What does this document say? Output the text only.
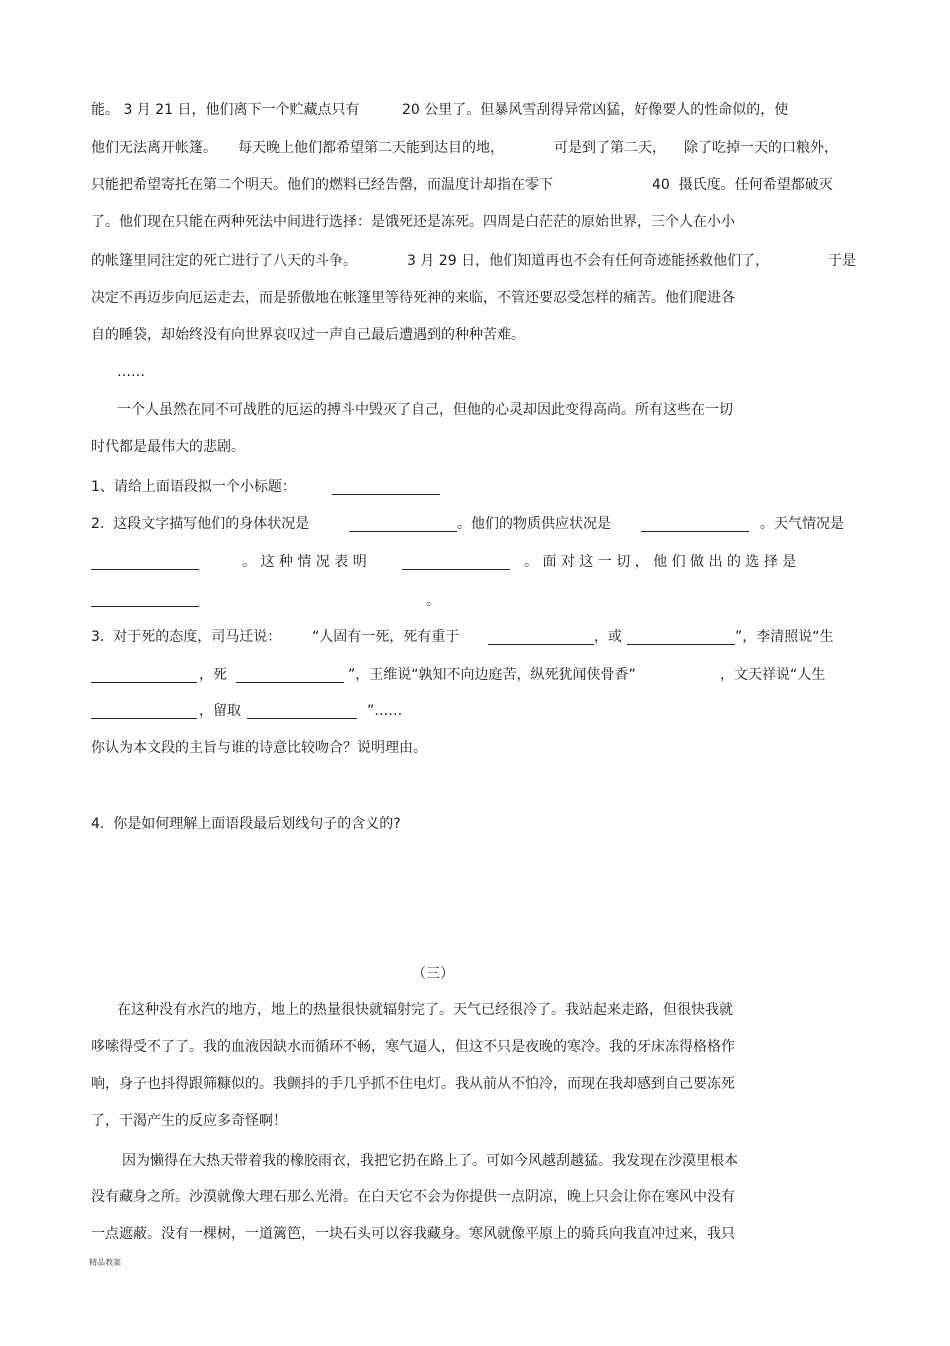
能。 3 月 21 日，他们离下一个贮藏点只有	20 公里了。但暴风雪刮得异常凶猛，好像要人的性命似的，使
他们无法离开帐篷。 每天晚上他们都希望第二天能到达目的地，	可是到了第二天， 除了吃掉一天的口粮外，
只能把希望寄托在第二个明天。他们的燃料已经告罄，而温度计却指在零下	40  摄氏度。任何希望都破灭
了。他们现在只能在两种死法中间进行选择：是饿死还是冻死。四周是白茫茫的原始世界，三个人在小小
的帐篷里同注定的死亡进行了八天的斗争。	3 月 29 日，他们知道再也不会有任何奇迹能拯救他们了，	于是
决定不再迈步向厄运走去，而是骄傲地在帐篷里等待死神的来临，不管还要忍受怎样的痛苦。他们爬进各
自的睡袋，却始终没有向世界哀叹过一声自己最后遭遇到的种种苦难。
……
一个人虽然在同不可战胜的厄运的搏斗中毁灭了自己，但他的心灵却因此变得高尚。所有这些在一切
时代都是最伟大的悲剧。
1、请给上面语段拟一个小标题：
2.  这段文字描写他们的身体状况是	。他们的物质供应状况是	。天气情况是
。 这 种 情 况 表 明	。 面 对 这 一 切 ， 他 们 做 出 的 选 择 是
。
3.  对于死的态度，司马迁说： “人固有一死，死有重于	，或	”，李清照说“生
，死	”，王维说“孰知不向边庭苦，纵死犹闻侠骨香”	，文天祥说“人生
，留取	”……
你认为本文段的主旨与谁的诗意比较吻合？说明理由。
4.  你是如何理解上面语段最后划线句子的含义的?
（三）
在这种没有水汽的地方，地上的热量很快就辐射完了。天气已经很冷了。我站起来走路，但很快我就
哆嗦得受不了了。我的血液因缺水而循环不畅，寒气逼人，但这不只是夜晚的寒冷。我的牙床冻得格格作
响，身子也抖得跟筛糠似的。我颤抖的手几乎抓不住电灯。我从前从不怕冷，而现在我却感到自己要冻死
了，干渴产生的反应多奇怪啊！
因为懒得在大热天带着我的橡胶雨衣，我把它扔在路上了。可如今风越刮越猛。我发现在沙漠里根本
没有藏身之所。沙漠就像大理石那么光滑。在白天它不会为你提供一点阴凉，晚上只会让你在寒风中没有
一点遮蔽。没有一棵树，一道篱笆，一块石头可以容我藏身。寒风就像平原上的骑兵向我直冲过来，我只
精品教案
